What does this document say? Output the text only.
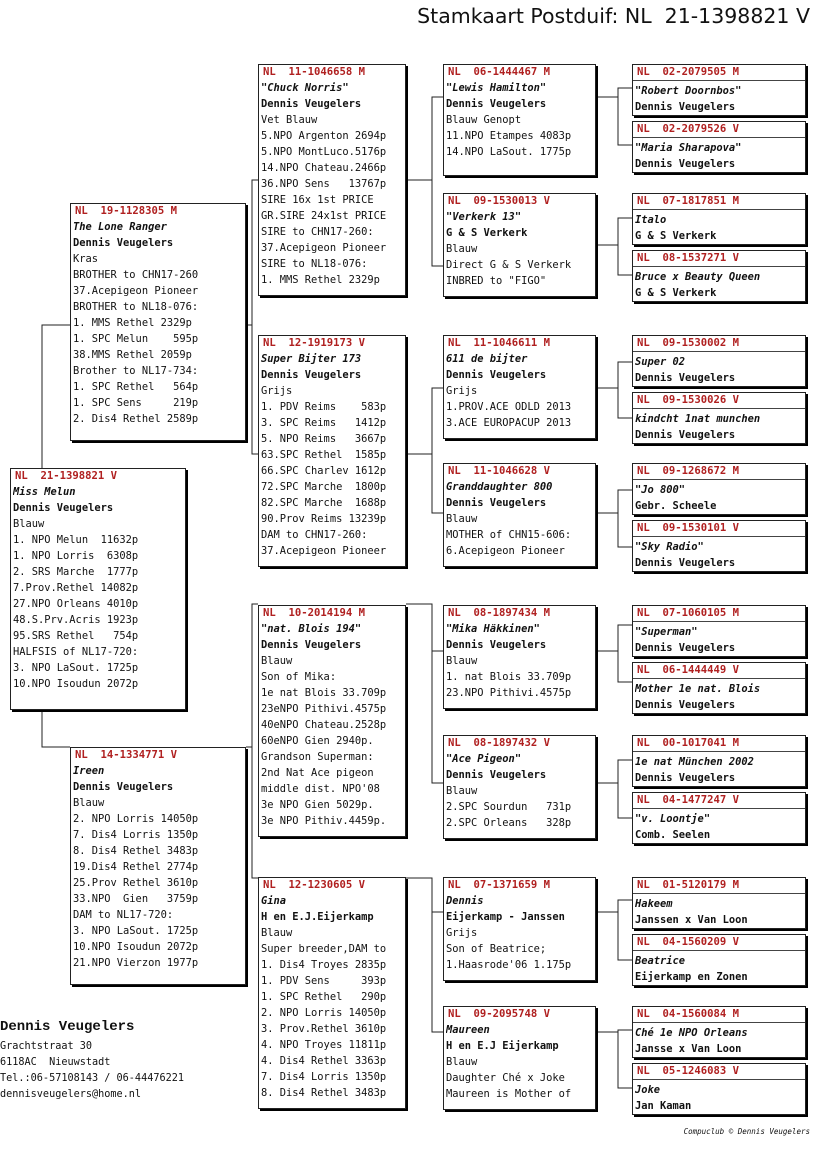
Stamkaart Postduif: NL  21-1398821 V
NL  21-1398821 V
Miss Melun
Dennis Veugelers
Blauw
1. NPO Melun  11632p
1. NPO Lorris  6308p
2. SRS Marche  1777p
7.Prov.Rethel 14082p
27.NPO Orleans 4010p
48.S.Prv.Acris 1923p
95.SRS Rethel   754p
HALFSIS of NL17-720:
3. NPO LaSout. 1725p
10.NPO Isoudun 2072p
NL  19-1128305 M
The Lone Ranger
Dennis Veugelers
Kras
BROTHER to CHN17-260
37.Acepigeon Pioneer
BROTHER to NL18-076:
1. MMS Rethel 2329p
1. SPC Melun    595p
38.MMS Rethel 2059p
Brother to NL17-734:
1. SPC Rethel   564p
1. SPC Sens     219p
2. Dis4 Rethel 2589p
NL  14-1334771 V
Ireen
Dennis Veugelers
Blauw
2. NPO Lorris 14050p
7. Dis4 Lorris 1350p
8. Dis4 Rethel 3483p
19.Dis4 Rethel 2774p
25.Prov Rethel 3610p
33.NPO  Gien   3759p
DAM to NL17-720:
3. NPO LaSout. 1725p
10.NPO Isoudun 2072p
21.NPO Vierzon 1977p
NL  11-1046658 M
"Chuck Norris"
Dennis Veugelers
Vet Blauw
5.NPO Argenton 2694p
5.NPO MontLuco.5176p
14.NPO Chateau.2466p
36.NPO Sens   13767p
SIRE 16x 1st PRICE
GR.SIRE 24x1st PRICE
SIRE to CHN17-260:
37.Acepigeon Pioneer
SIRE to NL18-076:
1. MMS Rethel 2329p
NL  12-1919173 V
Super Bijter 173
Dennis Veugelers
Grijs
1. PDV Reims    583p
3. SPC Reims   1412p
5. NPO Reims   3667p
63.SPC Rethel  1585p
66.SPC Charlev 1612p
72.SPC Marche  1800p
82.SPC Marche  1688p
90.Prov Reims 13239p
DAM to CHN17-260:
37.Acepigeon Pioneer
NL  10-2014194 M
"nat. Blois 194"
Dennis Veugelers
Blauw
Son of Mika:
1e nat Blois 33.709p
23eNPO Pithivi.4575p
40eNPO Chateau.2528p
60eNPO Gien 2940p.
Grandson Superman:
2nd Nat Ace pigeon
middle dist. NPO'08
3e NPO Gien 5029p.
3e NPO Pithiv.4459p.
NL  12-1230605 V
Gina
H en E.J.Eijerkamp
Blauw
Super breeder,DAM to
1. Dis4 Troyes 2835p
1. PDV Sens     393p
1. SPC Rethel   290p
2. NPO Lorris 14050p
3. Prov.Rethel 3610p
4. NPO Troyes 11811p
4. Dis4 Rethel 3363p
7. Dis4 Lorris 1350p
8. Dis4 Rethel 3483p
NL  06-1444467 M
"Lewis Hamilton"
Dennis Veugelers
Blauw Genopt
11.NPO Etampes 4083p
14.NPO LaSout. 1775p
NL  09-1530013 V
"Verkerk 13"
G & S Verkerk
Blauw
Direct G & S Verkerk
INBRED to "FIGO"
NL  11-1046611 M
611 de bijter
Dennis Veugelers
Grijs
1.PROV.ACE ODLD 2013
3.ACE EUROPACUP 2013
NL  11-1046628 V
Granddaughter 800
Dennis Veugelers
Blauw
MOTHER of CHN15-606:
6.Acepigeon Pioneer
NL  08-1897434 M
"Mika Häkkinen"
Dennis Veugelers
Blauw
1. nat Blois 33.709p
23.NPO Pithivi.4575p
NL  08-1897432 V
"Ace Pigeon"
Dennis Veugelers
Blauw
2.SPC Sourdun   731p
2.SPC Orleans   328p
NL  07-1371659 M
Dennis
Eijerkamp - Janssen
Grijs
Son of Beatrice;
1.Haasrode'06 1.175p
NL  09-2095748 V
Maureen
H en E.J Eijerkamp
Blauw
Daughter Ché x Joke
Maureen is Mother of
NL  02-2079505 M
"Robert Doornbos"
Dennis Veugelers
NL  02-2079526 V
"Maria Sharapova"
Dennis Veugelers
NL  07-1817851 M
Italo
G & S Verkerk
NL  08-1537271 V
Bruce x Beauty Queen
G & S Verkerk
NL  09-1530002 M
Super 02
Dennis Veugelers
NL  09-1530026 V
kindcht 1nat munchen
Dennis Veugelers
NL  09-1268672 M
"Jo 800"
Gebr. Scheele
NL  09-1530101 V
"Sky Radio"
Dennis Veugelers
NL  07-1060105 M
"Superman"
Dennis Veugelers
NL  06-1444449 V
Mother 1e nat. Blois
Dennis Veugelers
NL  00-1017041 M
1e nat München 2002
Dennis Veugelers
NL  04-1477247 V
"v. Loontje"
Comb. Seelen
NL  01-5120179 M
Hakeem
Janssen x Van Loon
NL  04-1560209 V
Beatrice
Eijerkamp en Zonen
NL  04-1560084 M
Ché 1e NPO Orleans
Jansse x Van Loon
NL  05-1246083 V
Joke
Jan Kaman
Dennis Veugelers
Grachtstraat 30
6118AC  Nieuwstadt
Tel.:06-57108143 / 06-44476221
dennisveugelers@home.nl
Compuclub © Dennis Veugelers
